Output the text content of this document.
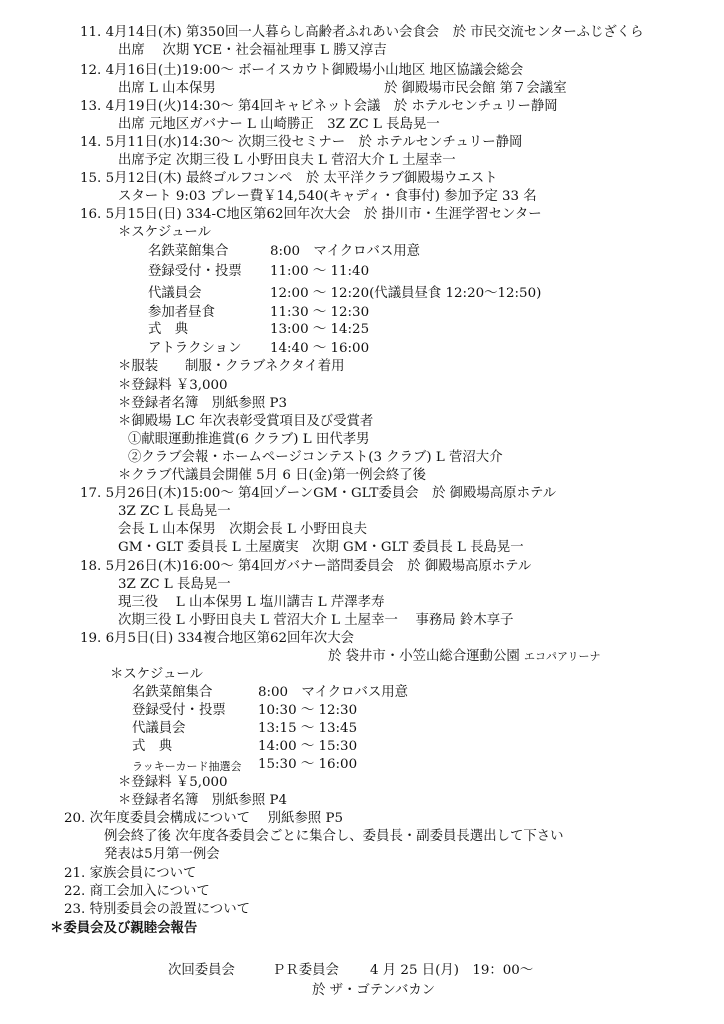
11. 4月14日(木) 第350回一人暮らし高齢者ふれあい会食会　於 市民交流センターふじざくら
出席　 次期 YCE・社会福祉理事 L 勝又淳吉
12. 4月16日(土)19:00～ ボーイスカウト御殿場小山地区 地区協議会総会
出席 L 山本保男	於 御殿場市民会館 第７会議室
13. 4月19日(火)14:30～ 第4回キャビネット会議　於 ホテルセンチュリー静岡
出席 元地区ガバナー L 山崎勝正　3Z ZC L 長島晃一
14. 5月11日(水)14:30～ 次期三役セミナー　於 ホテルセンチュリー静岡
出席予定 次期三役 L 小野田良夫 L 菅沼大介 L 土屋幸一
15. 5月12日(木) 最終ゴルフコンペ　於 太平洋クラブ御殿場ウエスト
スタート 9:03 プレー費￥14,540(キャディ・食事付) 参加予定 33 名
16. 5月15日(日) 334-C地区第62回年次大会　於 掛川市・生涯学習センター
＊スケジュール
名鉄菜館集合	8:00　マイクロバス用意
登録受付・投票 11:00 ～ 11:40
代議員会	12:00 ～ 12:20(代議員昼食 12:20～12:50)
参加者昼食	11:30 ～ 12:30
式　典	13:00 ～ 14:25
アトラクション 14:40 ～ 16:00
＊服装　　制服・クラブネクタイ着用
＊登録料 ￥3,000
＊登録者名簿　別紙参照 P3
＊御殿場 LC 年次表彰受賞項目及び受賞者
①献眼運動推進賞(6 クラブ) L 田代孝男
②クラブ会報・ホームページコンテスト(3 クラブ) L 菅沼大介
＊クラブ代議員会開催 5月 6 日(金)第一例会終了後
17. 5月26日(木)15:00～ 第4回ゾーンGM・GLT委員会　於 御殿場高原ホテル
3Z ZC L 長島晃一
会長 L 山本保男　次期会長 L 小野田良夫
GM・GLT 委員長 L 土屋廣実　次期 GM・GLT 委員長 L 長島晃一
18. 5月26日(木)16:00～ 第4回ガバナー諮問委員会　於 御殿場高原ホテル
3Z ZC L 長島晃一
現三役　 L 山本保男 L 塩川講吉 L 芹澤孝寿
次期三役 L 小野田良夫 L 菅沼大介 L 土屋幸一　 事務局 鈴木享子
19. 6月5日(日) 334複合地区第62回年次大会
於 袋井市・小笠山総合運動公園 エコパアリーナ
＊スケジュール
名鉄菜館集合	8:00　マイクロバス用意
登録受付・投票 10:30 ～ 12:30
代議員会	13:15 ～ 13:45
式　典	14:00 ～ 15:30
ラッキーカード抽選会 15:30 ～ 16:00
＊登録料 ￥5,000
＊登録者名簿　別紙参照 P4
20. 次年度委員会構成について　 別紙参照 P5
例会終了後 次年度各委員会ごとに集合し、委員長・副委員長選出して下さい
発表は5月第一例会
21. 家族会員について
22. 商工会加入について
23. 特別委員会の設置について
＊委員会及び親睦会報告
次回委員会	ＰＲ委員会 4 月 25 日(月)　19：00～
於 ザ・ゴテンバカン
